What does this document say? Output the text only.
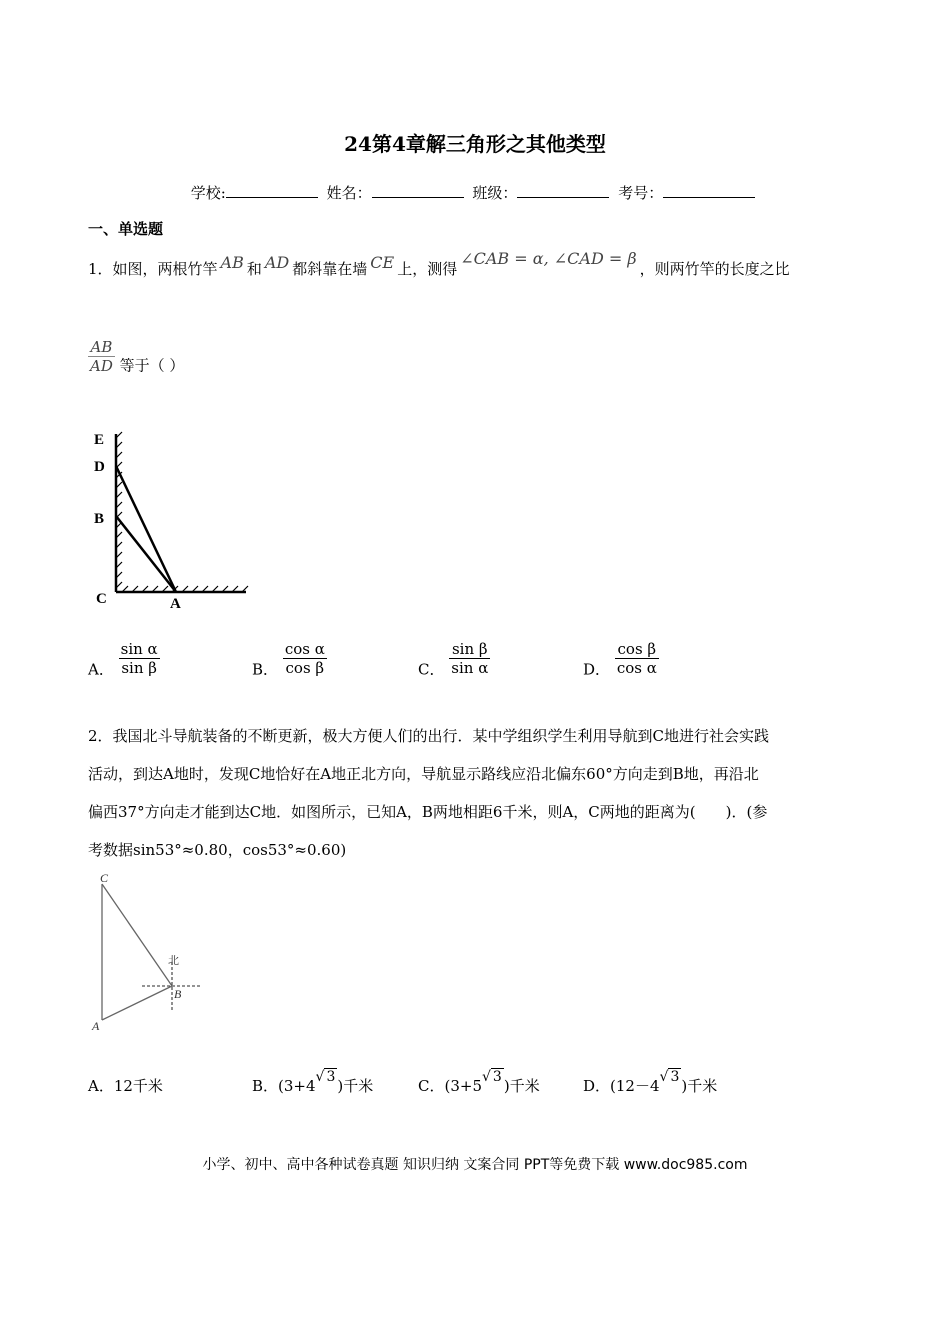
24第4章解三角形之其他类型
学校:	姓名：	班级：	考号：
一、单选题
1．如图，两根竹竿 AB 和 AD 都斜靠在墙 CE 上，测得∠CAB = α, ∠CAD = β，则两竹竿的长度之比
$\frac{AB}{AD}$ 等于（ ）
E
D
B
C	A
A． $\frac{\text{sin α}}{\text{sin β}}$	B． $\frac{\text{cos α}}{\text{cos β}}$	C． $\frac{\text{sin β}}{\text{sin α}}$	D． $\frac{\text{cos β}}{\text{cos α}}$
2．我国北斗导航装备的不断更新，极大方便人们的出行．某中学组织学生利用导航到C地进行社会实践
活动，到达A地时，发现C地恰好在A地正北方向，导航显示路线应沿北偏东60°方向走到B地，再沿北
偏西37°方向走才能到达C地．如图所示，已知A，B两地相距6千米，则A，C两地的距离为(　　)．(参
考数据sin53°≈0.80，cos53°≈0.60)
C
北
B
A
A．12千米	B．(3+4√ 3 )千米	C．(3+5√ 3 )千米	D．(12－4√ 3 )千米
小学、初中、高中各种试卷真题 知识归纳 文案合同 PPT等免费下载 www.doc985.com
